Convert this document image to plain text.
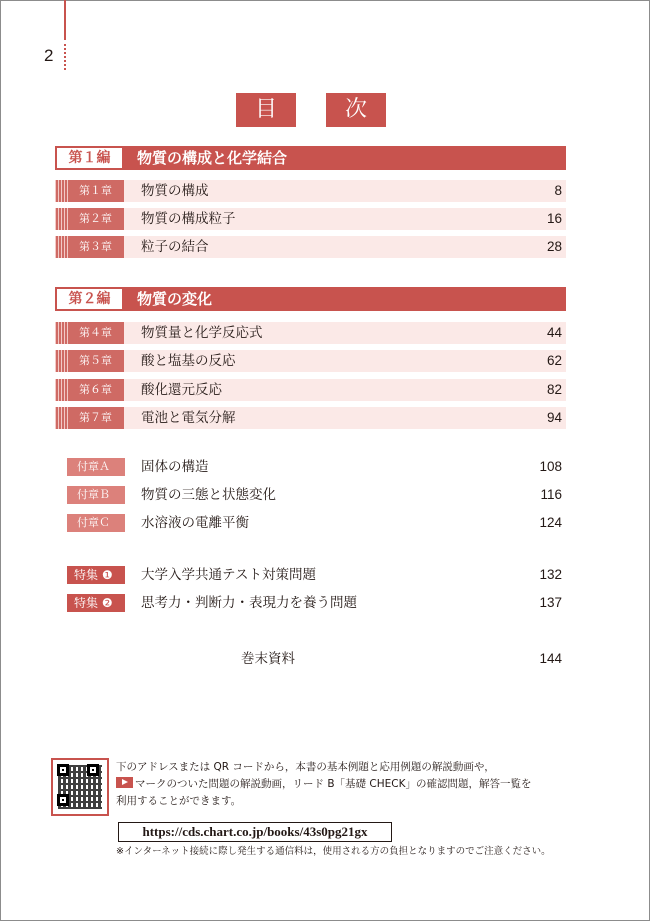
2
目	次
第１編	物質の構成と化学結合
第１章 物質の構成	8
第２章 物質の構成粒子	16
第３章 粒子の結合	28
第２編	物質の変化
第４章 物質量と化学反応式	44
第５章 酸と塩基の反応	62
第６章 酸化還元反応	82
第７章 電池と電気分解	94
付章Ａ 固体の構造	108
付章Ｂ 物質の三態と状態変化	116
付章Ｃ 水溶液の電離平衡	124
特集 ❶ 大学入学共通テスト対策問題	132
特集 ❷ 思考力・判断力・表現力を養う問題	137
巻末資料	144
下のアドレスまたは QR コードから，本書の基本例題と応用例題の解説動画や，
マークのついた問題の解説動画，リード B「基礎 CHECK」の確認問題，解答一覧を
利用することができます。
https://cds.chart.co.jp/books/43s0pg21gx
※インターネット接続に際し発生する通信料は，使用される方の負担となりますのでご注意ください。
